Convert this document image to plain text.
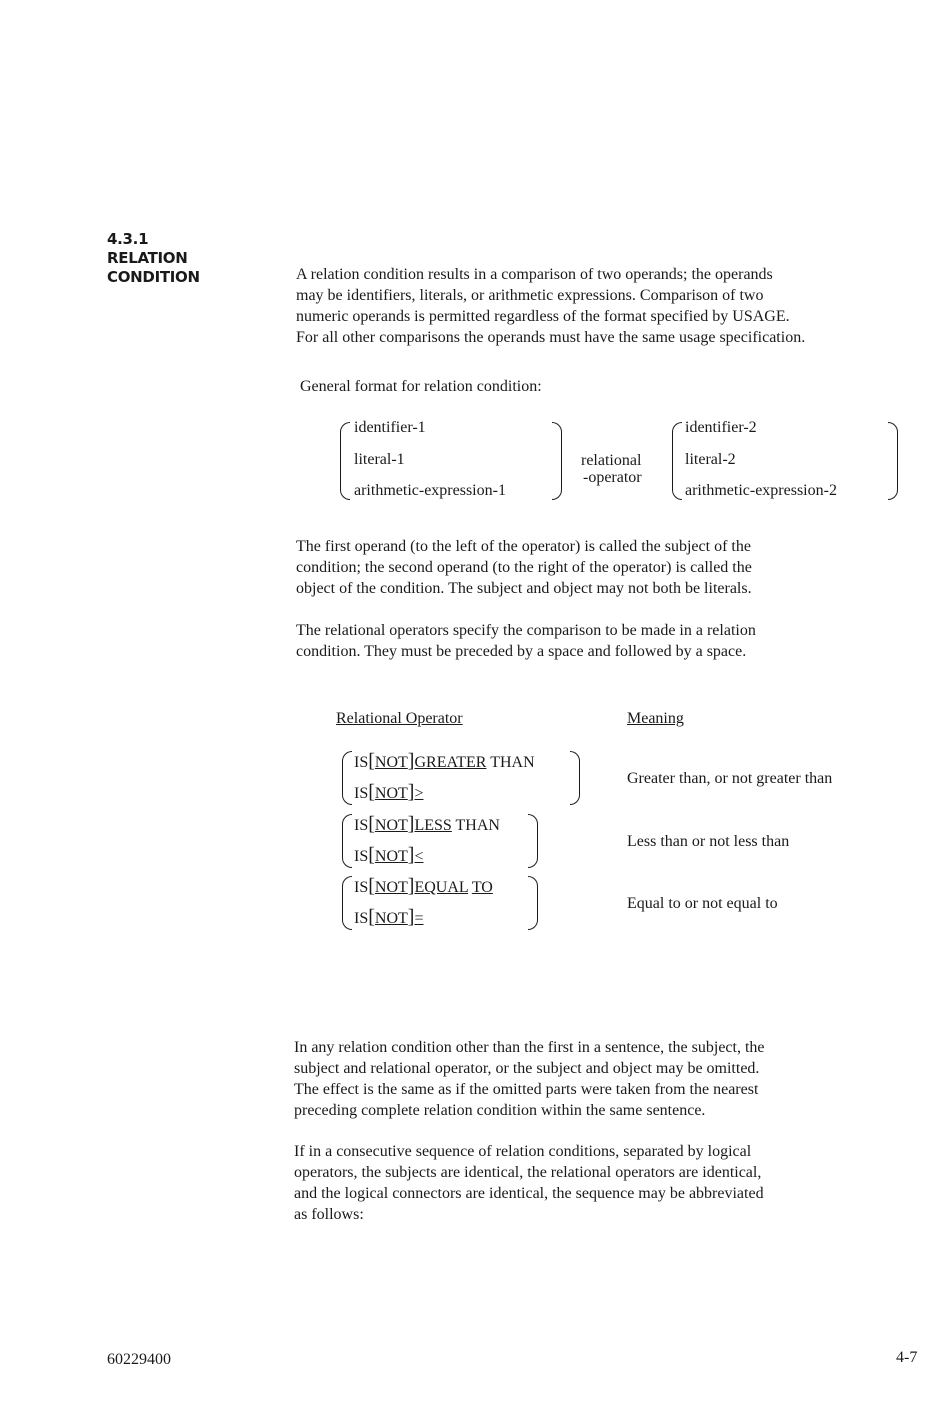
4.3.1
RELATION
CONDITION	A relation condition results in a comparison of two operands; the operands
may be identifiers, literals, or arithmetic expressions. Comparison of two
numeric operands is permitted regardless of the format specified by USAGE.
For all other comparisons the operands must have the same usage specification.
General format for relation condition:
identifier-1
literal-1
arithmetic-expression-1
relational
-operator
identifier-2
literal-2
arithmetic-expression-2
The first operand (to the left of the operator) is called the subject of the
condition; the second operand (to the right of the operator) is called the
object of the condition. The subject and object may not both be literals.
The relational operators specify the comparison to be made in a relation
condition. They must be preceded by a space and followed by a space.
Relational Operator	Meaning
IS[NOT]GREATER THAN
IS[NOT]>
Greater than, or not greater than
IS[NOT]LESS THAN
IS[NOT]<
Less than or not less than
IS[NOT]EQUAL TO
IS[NOT]=
Equal to or not equal to
In any relation condition other than the first in a sentence, the subject, the
subject and relational operator, or the subject and object may be omitted.
The effect is the same as if the omitted parts were taken from the nearest
preceding complete relation condition within the same sentence.
If in a consecutive sequence of relation conditions, separated by logical
operators, the subjects are identical, the relational operators are identical,
and the logical connectors are identical, the sequence may be abbreviated
as follows:
60229400	4-7
